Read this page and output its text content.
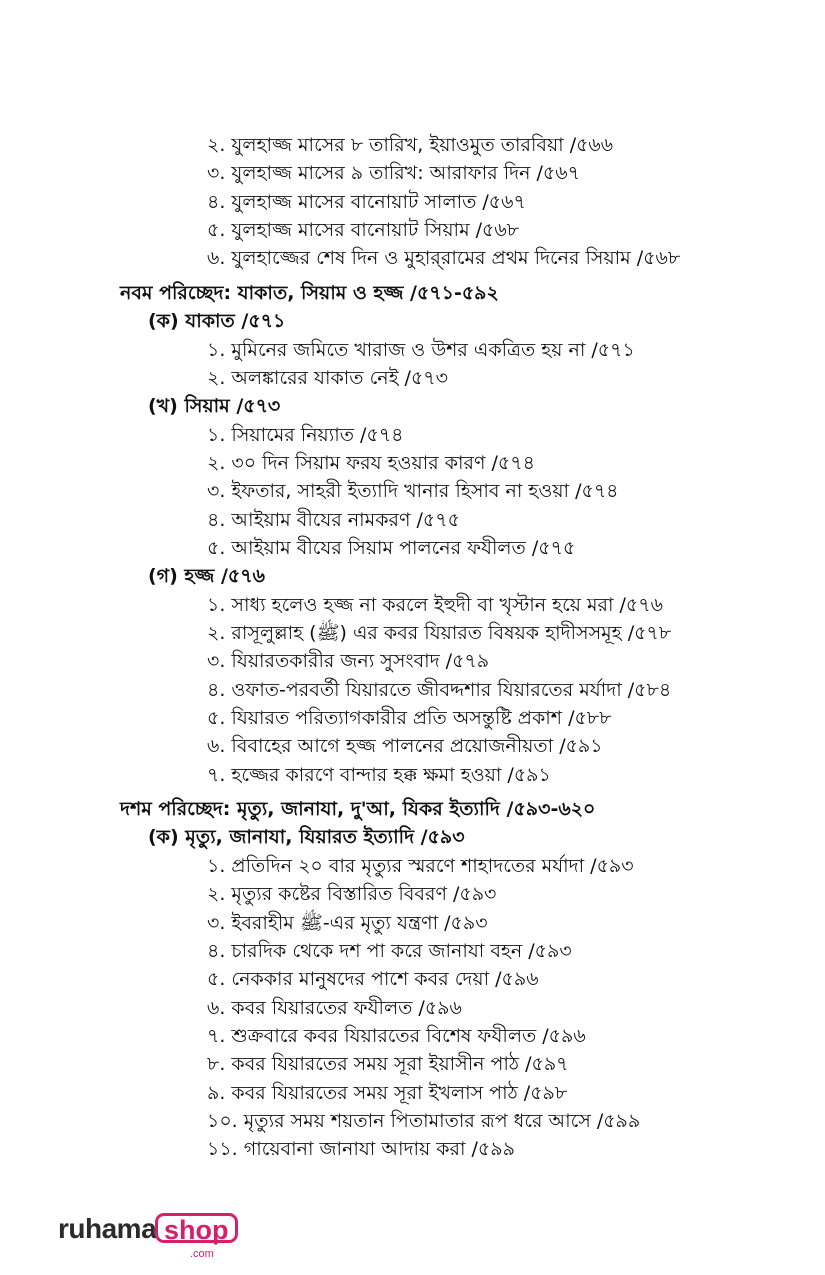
২. যুলহাজ্জ মাসের ৮ তারিখ, ইয়াওমুত তারবিয়া /৫৬৬
৩. যুলহাজ্জ মাসের ৯ তারিখ: আরাফার দিন /৫৬৭
৪. যুলহাজ্জ মাসের বানোয়াট সালাত /৫৬৭
৫. যুলহাজ্জ মাসের বানোয়াট সিয়াম /৫৬৮
৬. যুলহাজ্জের শেষ দিন ও মুহার্‌রামের প্রথম দিনের সিয়াম /৫৬৮
নবম পরিচ্ছেদ: যাকাত, সিয়াম ও হজ্জ /৫৭১-৫৯২
(ক) যাকাত /৫৭১
১. মুমিনের জমিতে খারাজ ও উশর একত্রিত হয় না /৫৭১
২. অলঙ্কারের যাকাত নেই /৫৭৩
(খ) সিয়াম /৫৭৩
১. সিয়ামের নিয়্যাত /৫৭৪
২. ৩০ দিন সিয়াম ফরয হওয়ার কারণ /৫৭৪
৩. ইফতার, সাহরী ইত্যাদি খানার হিসাব না হওয়া /৫৭৪
৪. আইয়াম বীযের নামকরণ /৫৭৫
৫. আইয়াম বীযের সিয়াম পালনের ফযীলত /৫৭৫
(গ) হজ্জ /৫৭৬
১. সাধ্য হলেও হজ্জ না করলে ইহুদী বা খৃস্টান হয়ে মরা /৫৭৬
২. রাসূলুল্লাহ (ﷺ) এর কবর যিয়ারত বিষয়ক হাদীসসমূহ /৫৭৮
৩. যিয়ারতকারীর জন্য সুসংবাদ /৫৭৯
৪. ওফাত-পরবর্তী যিয়ারতে জীবদ্দশার যিয়ারতের মর্যাদা /৫৮৪
৫. যিয়ারত পরিত্যাগকারীর প্রতি অসন্তুষ্টি প্রকাশ /৫৮৮
৬. বিবাহের আগে হজ্জ পালনের প্রয়োজনীয়তা /৫৯১
৭. হজ্জের কারণে বান্দার হক্ক ক্ষমা হওয়া /৫৯১
দশম পরিচ্ছেদ: মৃত্যু, জানাযা, দু'আ, যিকর ইত্যাদি /৫৯৩-৬২০
(ক) মৃত্যু, জানাযা, যিয়ারত ইত্যাদি /৫৯৩
১. প্রতিদিন ২০ বার মৃত্যুর স্মরণে শাহাদতের মর্যাদা /৫৯৩
২. মৃত্যুর কষ্টের বিস্তারিত বিবরণ /৫৯৩
৩. ইবরাহীম ﷺ-এর মৃত্যু যন্ত্রণা /৫৯৩
৪. চারদিক থেকে দশ পা করে জানাযা বহন /৫৯৩
৫. নেককার মানুষদের পাশে কবর দেয়া /৫৯৬
৬. কবর যিয়ারতের ফযীলত /৫৯৬
৭. শুক্রবারে কবর যিয়ারতের বিশেষ ফযীলত /৫৯৬
৮. কবর যিয়ারতের সময় সূরা ইয়াসীন পাঠ /৫৯৭
৯. কবর যিয়ারতের সময় সূরা ইখলাস পাঠ /৫৯৮
১০. মৃত্যুর সময় শয়তান পিতামাতার রূপ ধরে আসে /৫৯৯
১১. গায়েবানা জানাযা আদায় করা /৫৯৯
ruhama shop
.com
